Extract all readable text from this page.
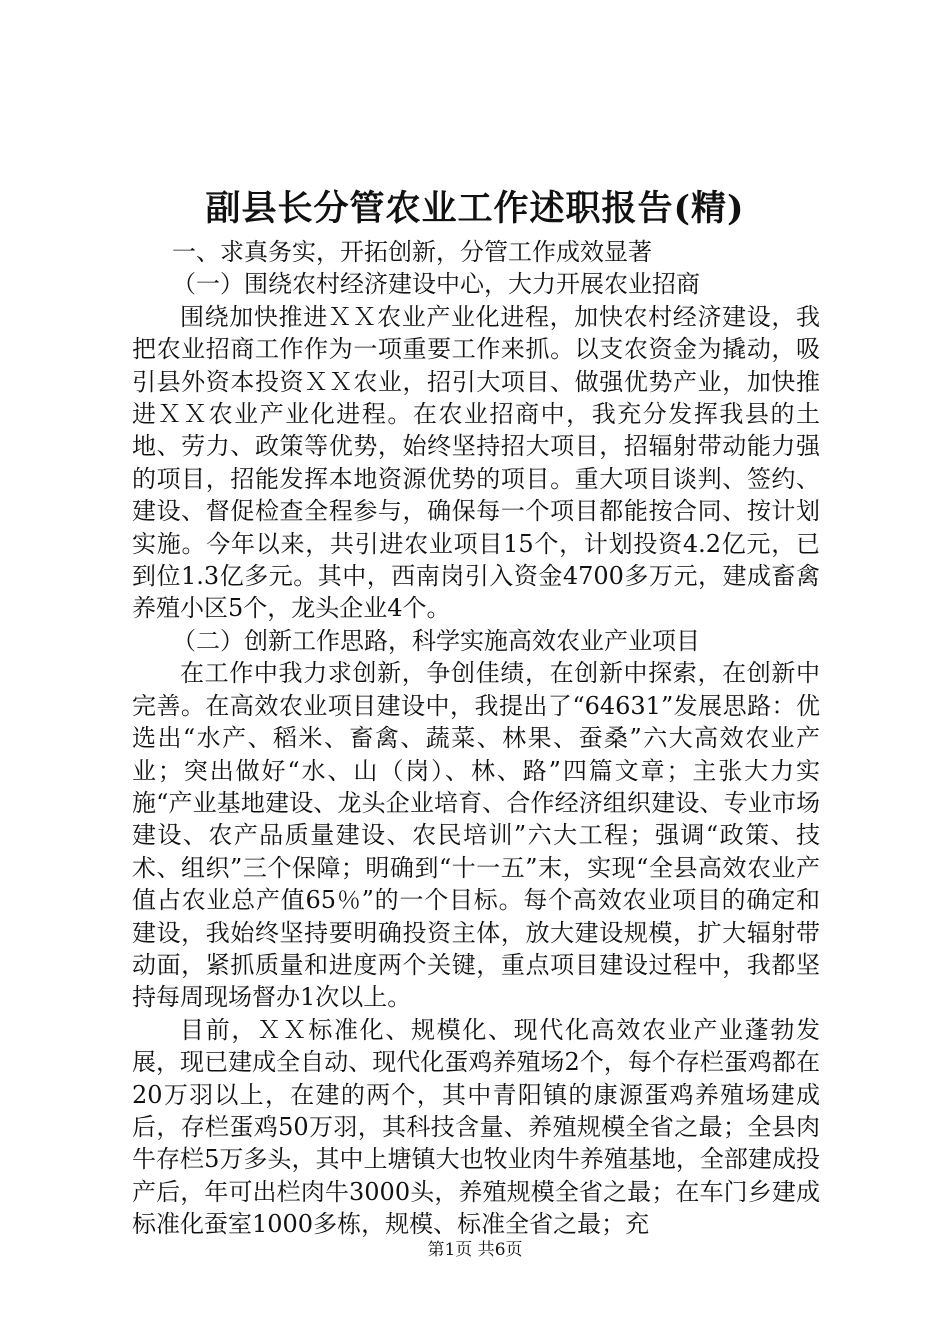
副县长分管农业工作述职报告(精)

一、求真务实，开拓创新，分管工作成效显著

（一）围绕农村经济建设中心，大力开展农业招商

围绕加快推进ＸＸ农业产业化进程，加快农村经济建设，我把农业招商工作作为一项重要工作来抓。以支农资金为撬动，吸引县外资本投资ＸＸ农业，招引大项目、做强优势产业，加快推进ＸＸ农业产业化进程。在农业招商中，我充分发挥我县的土地、劳力、政策等优势，始终坚持招大项目，招辐射带动能力强的项目，招能发挥本地资源优势的项目。重大项目谈判、签约、建设、督促检查全程参与，确保每一个项目都能按合同、按计划实施。今年以来，共引进农业项目15个，计划投资4.2亿元，已到位1.3亿多元。其中，西南岗引入资金4700多万元，建成畜禽养殖小区5个，龙头企业4个。

（二）创新工作思路，科学实施高效农业产业项目

在工作中我力求创新，争创佳绩，在创新中探索，在创新中完善。在高效农业项目建设中，我提出了“64631”发展思路：优选出“水产、稻米、畜禽、蔬菜、林果、蚕桑”六大高效农业产业；突出做好“水、山（岗）、林、路”四篇文章；主张大力实施“产业基地建设、龙头企业培育、合作经济组织建设、专业市场建设、农产品质量建设、农民培训”六大工程；强调“政策、技术、组织”三个保障；明确到“十一五”末，实现“全县高效农业产值占农业总产值65％”的一个目标。每个高效农业项目的确定和建设，我始终坚持要明确投资主体，放大建设规模，扩大辐射带动面，紧抓质量和进度两个关键，重点项目建设过程中，我都坚持每周现场督办1次以上。

目前，ＸＸ标准化、规模化、现代化高效农业产业蓬勃发展，现已建成全自动、现代化蛋鸡养殖场2个，每个存栏蛋鸡都在20万羽以上，在建的两个，其中青阳镇的康源蛋鸡养殖场建成后，存栏蛋鸡50万羽，其科技含量、养殖规模全省之最；全县肉牛存栏5万多头，其中上塘镇大也牧业肉牛养殖基地，全部建成投产后，年可出栏肉牛3000头，养殖规模全省之最；在车门乡建成标准化蚕室1000多栋，规模、标准全省之最；充

第1页 共6页
